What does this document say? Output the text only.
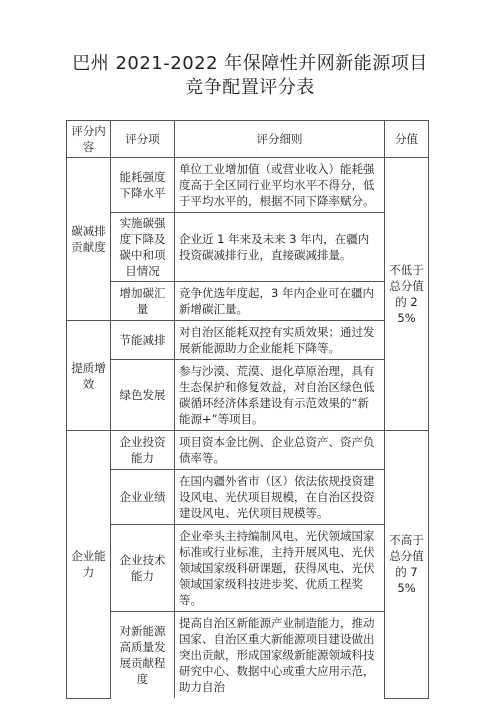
巴州 2021-2022 年保障性并网新能源项目
竞争配置评分表
评分内容	评分项	评分细则	分值
碳减排贡献度	能耗强度下降水平	单位工业增加值（或营业收入）能耗强度高于全区同行业平均水平不得分，低于平均水平的，根据不同下降率赋分。	不低于总分值的 25%
	实施碳强度下降及碳中和项目情况	企业近 1 年来及未来 3 年内，在疆内投资碳减排行业，直接碳减排量。	
	增加碳汇量	竞争优选年度起，3 年内企业可在疆内新增碳汇量。	
提质增效	节能减排	对自治区能耗双控有实质效果；通过发展新能源助力企业能耗下降等。	
	绿色发展	参与沙漠、荒漠、退化草原治理，具有生态保护和修复效益，对自治区绿色低碳循环经济体系建设有示范效果的“新能源+”等项目。	
企业能力	企业投资能力	项目资本金比例、企业总资产、资产负债率等。	不高于总分值的 75%
	企业业绩	在国内疆外省市（区）依法依规投资建设风电、光伏项目规模，在自治区投资建设风电、光伏项目规模等。	
	企业技术能力	企业牵头主持编制风电、光伏领域国家标准或行业标准，主持开展风电、光伏领域国家级科研课题，获得风电、光伏领域国家级科技进步奖、优质工程奖等。	
	对新能源高质量发展贡献程度	提高自治区新能源产业制造能力，推动国家、自治区重大新能源项目建设做出突出贡献，形成国家级新能源领域科技研究中心、数据中心或重大应用示范，助力自治	
